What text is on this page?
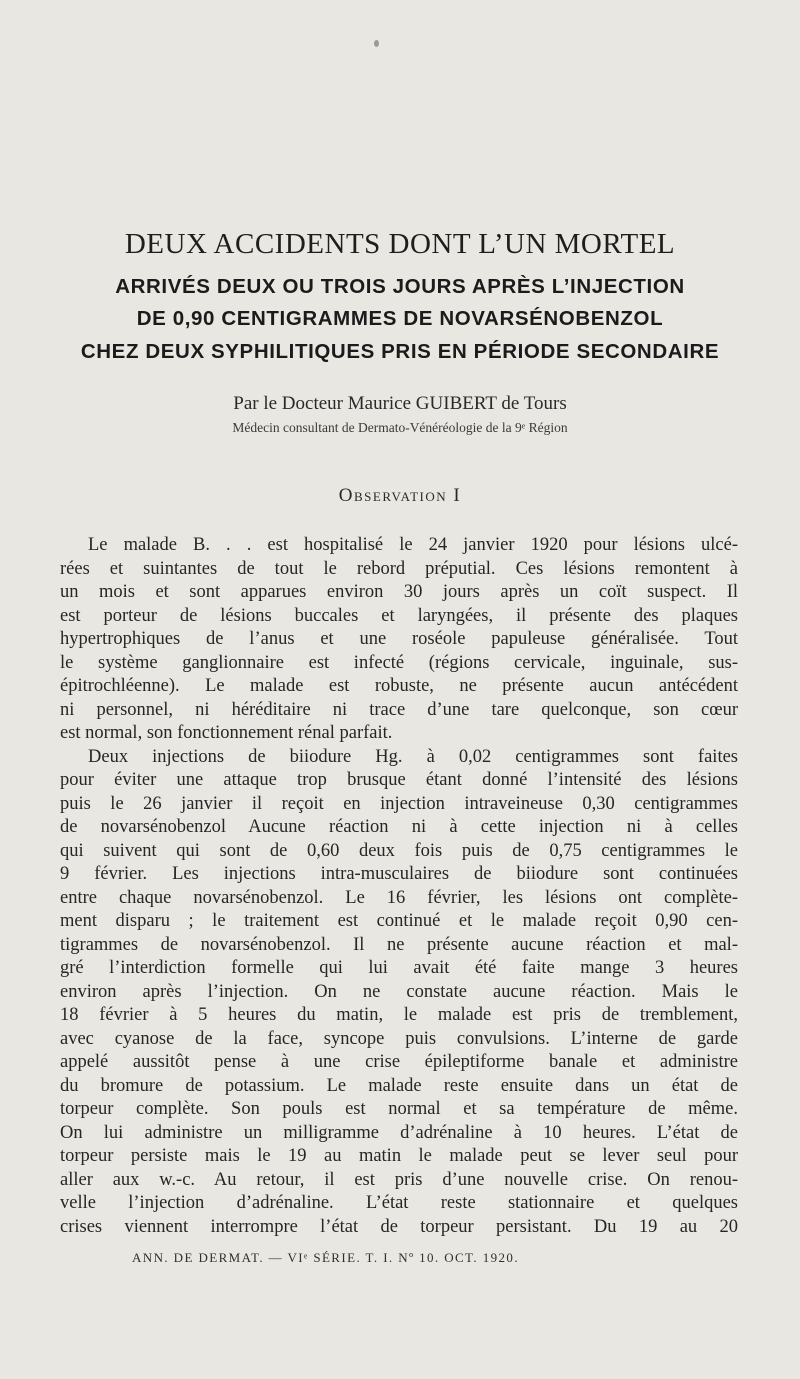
DEUX ACCIDENTS DONT L’UN MORTEL
ARRIVÉS DEUX OU TROIS JOURS APRÈS L’INJECTION
DE 0,90 CENTIGRAMMES DE NOVARSÉNOBENZOL
CHEZ DEUX SYPHILITIQUES PRIS EN PÉRIODE SECONDAIRE
Par le Docteur Maurice GUIBERT de Tours
Médecin consultant de Dermato-Vénéréologie de la 9ᵉ Région
Observation I
Le malade B. . . est hospitalisé le 24 janvier 1920 pour lésions ulcé-
rées et suintantes de tout le rebord préputial. Ces lésions remontent à
un mois et sont apparues environ 30 jours après un coït suspect. Il
est porteur de lésions buccales et laryngées, il présente des plaques
hypertrophiques de l’anus et une roséole papuleuse généralisée. Tout
le système ganglionnaire est infecté (régions cervicale, inguinale, sus-
épitrochléenne). Le malade est robuste, ne présente aucun antécédent
ni personnel, ni héréditaire ni trace d’une tare quelconque, son cœur
est normal, son fonctionnement rénal parfait.
Deux injections de biiodure Hg. à 0,02 centigrammes sont faites
pour éviter une attaque trop brusque étant donné l’intensité des lésions
puis le 26 janvier il reçoit en injection intraveineuse 0,30 centigrammes
de novarsénobenzol Aucune réaction ni à cette injection ni à celles
qui suivent qui sont de 0,60 deux fois puis de 0,75 centigrammes le
9 février. Les injections intra-musculaires de biiodure sont continuées
entre chaque novarsénobenzol. Le 16 février, les lésions ont complète-
ment disparu ; le traitement est continué et le malade reçoit 0,90 cen-
tigrammes de novarsénobenzol. Il ne présente aucune réaction et mal-
gré l’interdiction formelle qui lui avait été faite mange 3 heures
environ après l’injection. On ne constate aucune réaction. Mais le
18 février à 5 heures du matin, le malade est pris de tremblement,
avec cyanose de la face, syncope puis convulsions. L’interne de garde
appelé aussitôt pense à une crise épileptiforme banale et administre
du bromure de potassium. Le malade reste ensuite dans un état de
torpeur complète. Son pouls est normal et sa température de même.
On lui administre un milligramme d’adrénaline à 10 heures. L’état de
torpeur persiste mais le 19 au matin le malade peut se lever seul pour
aller aux w.-c. Au retour, il est pris d’une nouvelle crise. On renou-
velle l’injection d’adrénaline. L’état reste stationnaire et quelques
crises viennent interrompre l’état de torpeur persistant. Du 19 au 20
ANN. DE DERMAT. — VIᵉ SÉRIE. T. I. Nº 10. OCT. 1920.
